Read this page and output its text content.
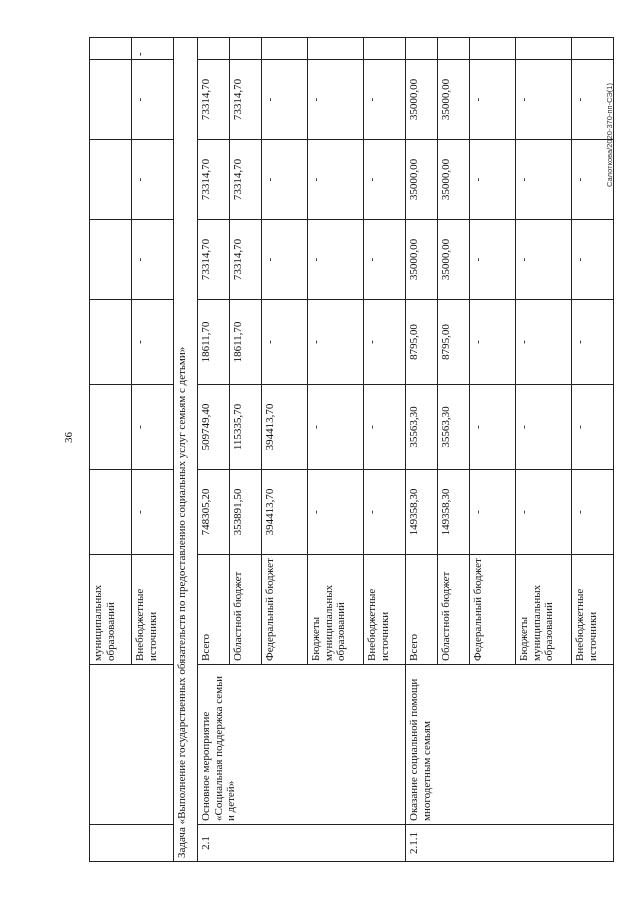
36
Салоткова/2020-370-пп-СЭ(1)
		муниципальных образований							
		Внебюджетные источники	-	-	-	-	-	-	-
Задача «Выполнение государственных обязательств по предоставлению социальных услуг семьям с детьми»									
2.1	Основное мероприятие «Социальная поддержка семьи и детей»	Всего	748305,20	509749,40	18611,70	73314,70	73314,70	73314,70	
		Областной бюджет	353891,50	115335,70	18611,70	73314,70	73314,70	73314,70	
		Федеральный бюджет	394413,70	394413,70	-	-	-	-	
		Бюджеты муниципальных образований	-	-	-	-	-	-	
		Внебюджетные источники	-	-	-	-	-	-	
2.1.1	Оказание социальной помощи многодетным семьям	Всего	149358,30	35563,30	8795,00	35000,00	35000,00	35000,00	
		Областной бюджет	149358,30	35563,30	8795,00	35000,00	35000,00	35000,00	
		Федеральный бюджет	-	-	-	-	-	-	
		Бюджеты муниципальных образований	-	-	-	-	-	-	
		Внебюджетные источники	-	-	-	-	-	-	
